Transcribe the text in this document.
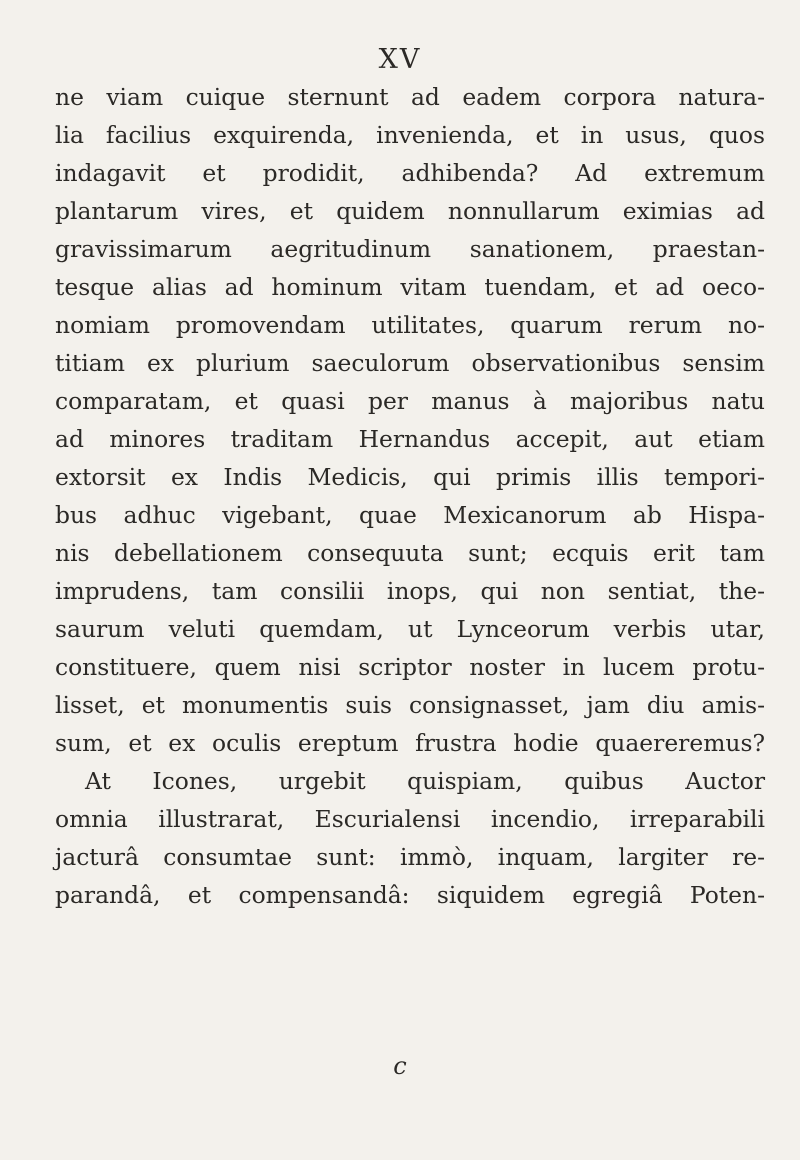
XV
ne viam cuique sternunt ad eadem corpora natura-
lia facilius exquirenda, invenienda, et in usus, quos
indagavit et prodidit, adhibenda? Ad extremum
plantarum vires, et quidem nonnullarum eximias ad
gravissimarum aegritudinum sanationem, praestan-
tesque alias ad hominum vitam tuendam, et ad oeco-
nomiam promovendam utilitates, quarum rerum no-
titiam ex plurium saeculorum observationibus sensim
comparatam, et quasi per manus à majoribus natu
ad minores traditam Hernandus accepit, aut etiam
extorsit ex Indis Medicis, qui primis illis tempori-
bus adhuc vigebant, quae Mexicanorum ab Hispa-
nis debellationem consequuta sunt; ecquis erit tam
imprudens, tam consilii inops, qui non sentiat, the-
saurum veluti quemdam, ut Lynceorum verbis utar,
constituere, quem nisi scriptor noster in lucem protu-
lisset, et monumentis suis consignasset, jam diu amis-
sum, et ex oculis ereptum frustra hodie quaereremus?
At Icones, urgebit quispiam, quibus Auctor
omnia illustrarat, Escurialensi incendio, irreparabili
jacturâ consumtae sunt: immò, inquam, largiter re-
parandâ, et compensandâ: siquidem egregiâ Poten-
c
